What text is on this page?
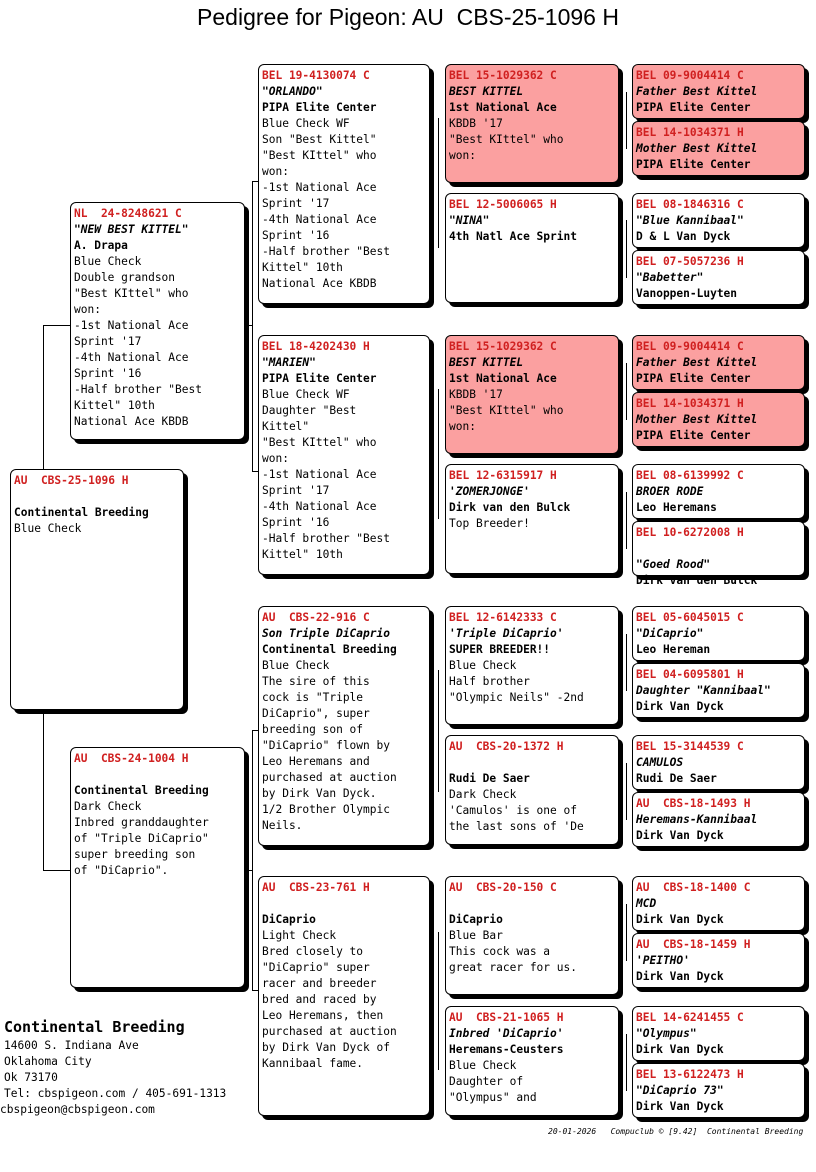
Pedigree for Pigeon: AU  CBS-25-1096 H
AU  CBS-25-1096 H
Continental Breeding
Blue Check
NL  24-8248621 C
"NEW BEST KITTEL"
A. Drapa
Blue Check
Double grandson
"Best KIttel" who
won:
-1st National Ace
Sprint '17
-4th National Ace
Sprint '16
-Half brother "Best
Kittel" 10th
National Ace KBDB
AU  CBS-24-1004 H
Continental Breeding
Dark Check
Inbred granddaughter
of "Triple DiCaprio"
super breeding son
of "DiCaprio".
BEL 19-4130074 C
"ORLANDO"
PIPA Elite Center
Blue Check WF
Son "Best Kittel"
"Best KIttel" who
won:
-1st National Ace
Sprint '17
-4th National Ace
Sprint '16
-Half brother "Best
Kittel" 10th
National Ace KBDB
BEL 18-4202430 H
"MARIEN"
PIPA Elite Center
Blue Check WF
Daughter "Best
Kittel"
"Best KIttel" who
won:
-1st National Ace
Sprint '17
-4th National Ace
Sprint '16
-Half brother "Best
Kittel" 10th
AU  CBS-22-916 C
Son Triple DiCaprio
Continental Breeding
Blue Check
The sire of this
cock is "Triple
DiCaprio", super
breeding son of
"DiCaprio" flown by
Leo Heremans and
purchased at auction
by Dirk Van Dyck.
1/2 Brother Olympic
Neils.
AU  CBS-23-761 H
DiCaprio
Light Check
Bred closely to
"DiCaprio" super
racer and breeder
bred and raced by
Leo Heremans, then
purchased at auction
by Dirk Van Dyck of
Kannibaal fame.
BEL 15-1029362 C
BEST KITTEL
1st National Ace
KBDB '17
"Best KIttel" who
won:
BEL 12-5006065 H
"NINA"
4th Natl Ace Sprint
BEL 15-1029362 C
BEST KITTEL
1st National Ace
KBDB '17
"Best KIttel" who
won:
BEL 12-6315917 H
'ZOMERJONGE'
Dirk van den Bulck
Top Breeder!
BEL 12-6142333 C
'Triple DiCaprio'
SUPER BREEDER!!
Blue Check
Half brother
"Olympic Neils" -2nd
AU  CBS-20-1372 H
Rudi De Saer
Dark Check
'Camulos' is one of
the last sons of 'De
AU  CBS-20-150 C
DiCaprio
Blue Bar
This cock was a
great racer for us.
AU  CBS-21-1065 H
Inbred 'DiCaprio'
Heremans-Ceusters
Blue Check
Daughter of
"Olympus" and
BEL 09-9004414 C
Father Best Kittel
PIPA Elite Center
BEL 14-1034371 H
Mother Best Kittel
PIPA Elite Center
BEL 08-1846316 C
"Blue Kannibaal"
D & L Van Dyck
BEL 07-5057236 H
"Babetter"
Vanoppen-Luyten
BEL 09-9004414 C
Father Best Kittel
PIPA Elite Center
BEL 14-1034371 H
Mother Best Kittel
PIPA Elite Center
BEL 08-6139992 C
BROER RODE
Leo Heremans
BEL 10-6272008 H
"Goed Rood"
Dirk van den Bulck
BEL 05-6045015 C
"DiCaprio"
Leo Hereman
BEL 04-6095801 H
Daughter "Kannibaal"
Dirk Van Dyck
BEL 15-3144539 C
CAMULOS
Rudi De Saer
AU  CBS-18-1493 H
Heremans-Kannibaal
Dirk Van Dyck
AU  CBS-18-1400 C
MCD
Dirk Van Dyck
AU  CBS-18-1459 H
'PEITHO'
Dirk Van Dyck
BEL 14-6241455 C
"Olympus"
Dirk Van Dyck
BEL 13-6122473 H
"DiCaprio 73"
Dirk Van Dyck
Continental Breeding
14600 S. Indiana Ave
Oklahoma City
Ok 73170
Tel: cbspigeon.com / 405-691-1313
cbspigeon@cbspigeon.com
20-01-2026   Compuclub © [9.42]  Continental Breeding
